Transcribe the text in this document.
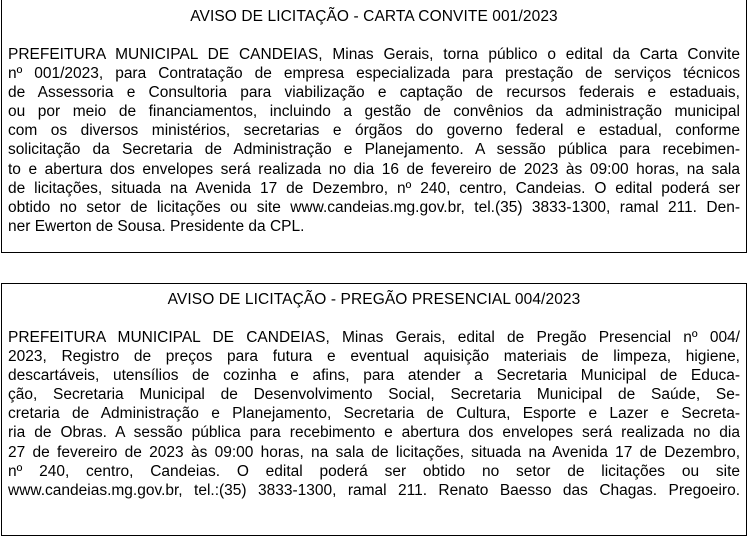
AVISO DE LICITAÇÃO - CARTA CONVITE 001/2023
PREFEITURA MUNICIPAL DE CANDEIAS, Minas Gerais, torna público o edital da Carta Convite
nº 001/2023, para Contratação de empresa especializada para prestação de serviços técnicos
de Assessoria e Consultoria para viabilização e captação de recursos federais e estaduais,
ou por meio de financiamentos, incluindo a gestão de convênios da administração municipal
com os diversos ministérios, secretarias e órgãos do governo federal e estadual, conforme
solicitação da Secretaria de Administração e Planejamento. A sessão pública para recebimen-
to e abertura dos envelopes será realizada no dia 16 de fevereiro de 2023 às 09:00 horas, na sala
de licitações, situada na Avenida 17 de Dezembro, nº 240, centro, Candeias. O edital poderá ser
obtido no setor de licitações ou site www.candeias.mg.gov.br, tel.(35) 3833-1300, ramal 211. Den-
ner Ewerton de Sousa. Presidente da CPL.
AVISO DE LICITAÇÃO - PREGÃO PRESENCIAL 004/2023
PREFEITURA MUNICIPAL DE CANDEIAS, Minas Gerais, edital de Pregão Presencial nº 004/
2023, Registro de preços para futura e eventual aquisição materiais de limpeza, higiene,
descartáveis, utensílios de cozinha e afins, para atender a Secretaria Municipal de Educa-
ção, Secretaria Municipal de Desenvolvimento Social, Secretaria Municipal de Saúde, Se-
cretaria de Administração e Planejamento, Secretaria de Cultura, Esporte e Lazer e Secreta-
ria de Obras. A sessão pública para recebimento e abertura dos envelopes será realizada no dia
27 de fevereiro de 2023 às 09:00 horas, na sala de licitações, situada na Avenida 17 de Dezembro,
nº 240, centro, Candeias. O edital poderá ser obtido no setor de licitações ou site
www.candeias.mg.gov.br, tel.:(35) 3833-1300, ramal 211. Renato Baesso das Chagas. Pregoeiro.
